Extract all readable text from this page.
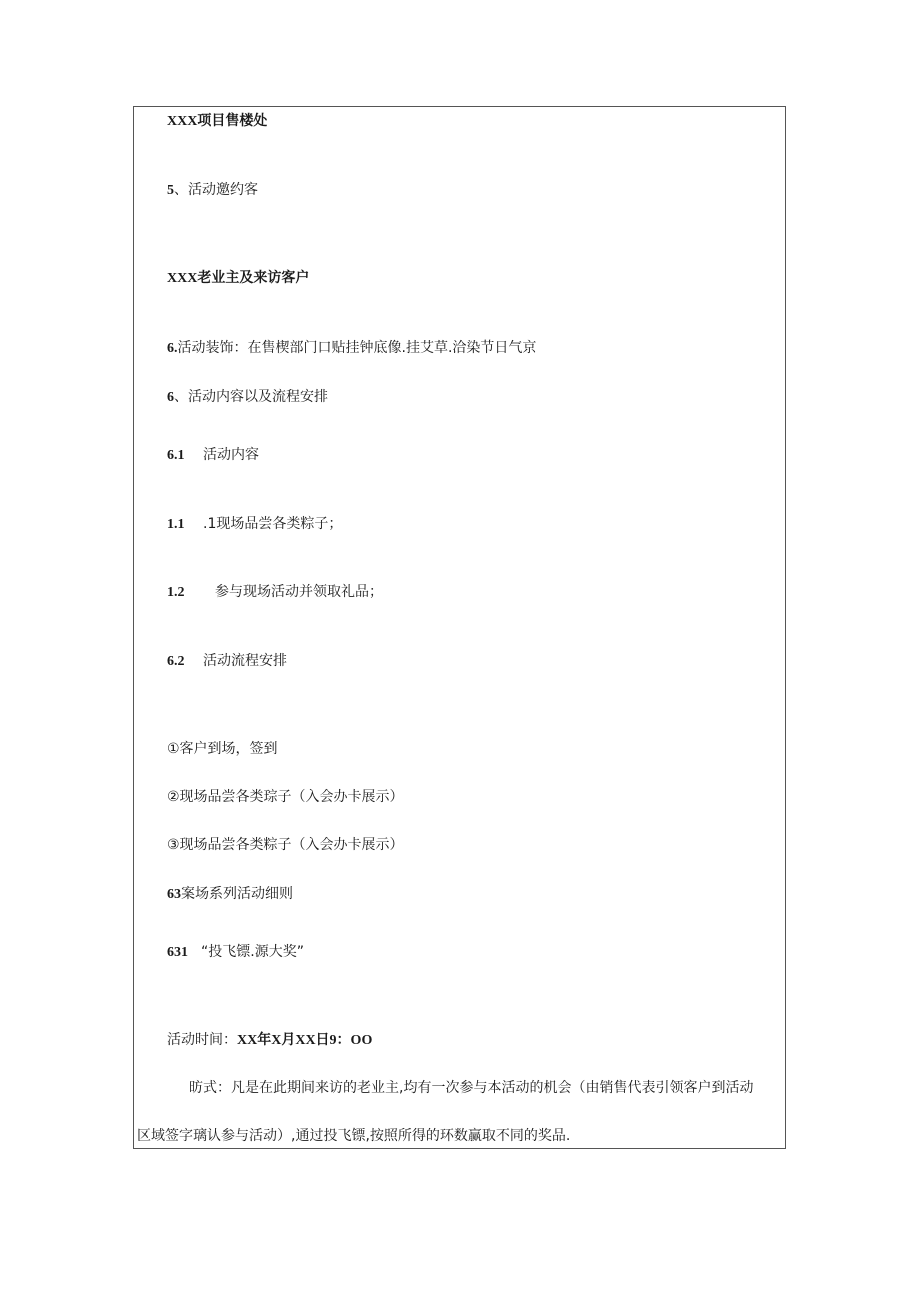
XXX项目售楼处
5、活动邀约客
XXX老业主及来访客户
6.活动装饰：在售楔部门口贴挂钟底像.挂艾草.洽染节日气京
6、活动内容以及流程安排
6.1 活动内容
1.1 .1现场品尝各类粽子；
1.2 参与现场活动并领取礼品；
6.2 活动流程安排
①客户到场，签到
②现场品尝各类琮子（入会办卡展示）
③现场品尝各类粽子（入会办卡展示）
63案场系列活动细则
631 “投飞镖.源大奖”
活动时间：XX年X月XX日9：OO
昉式：凡是在此期间来访的老业主,均有一次参与本活动的机会（由销售代表引领客户到活动
区域签字璃认参与活动）,通过投飞镖,按照所得的环数赢取不同的奖品.
